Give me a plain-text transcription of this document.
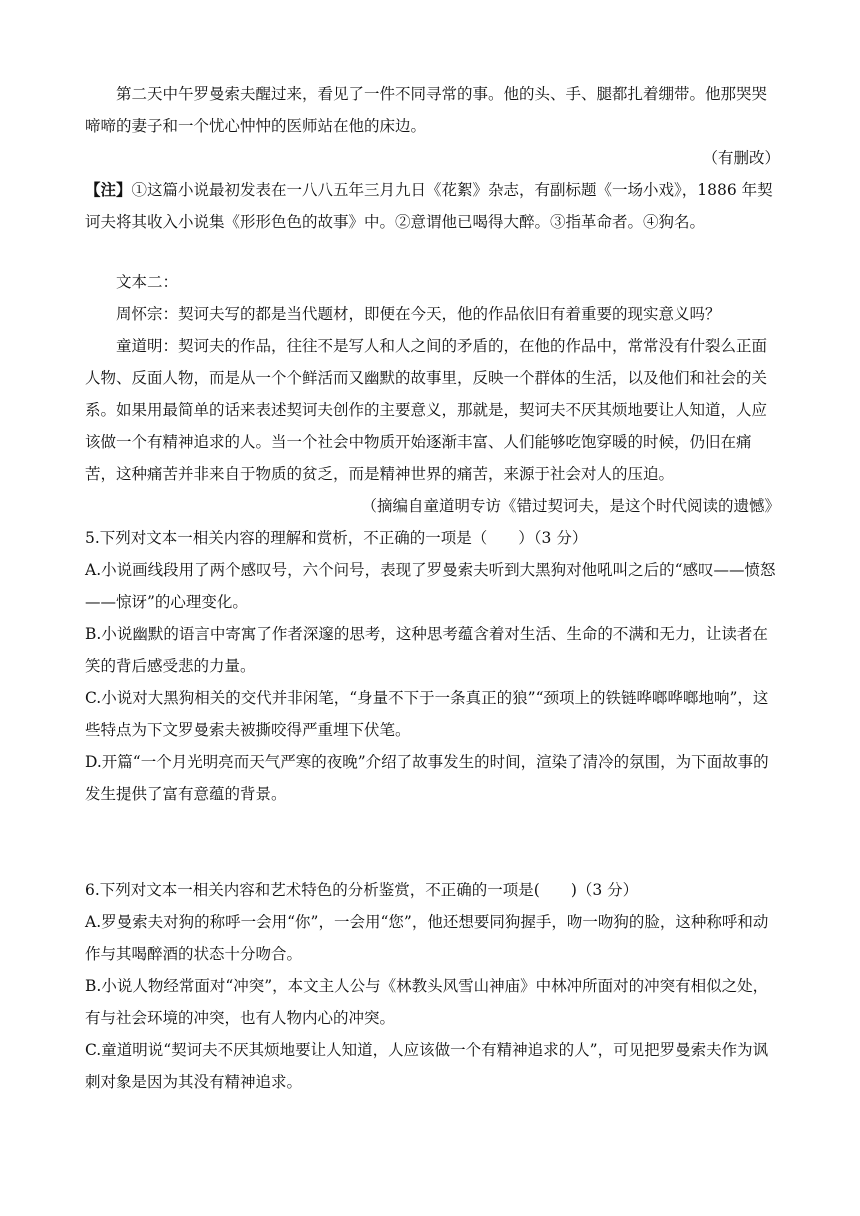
第二天中午罗曼索夫醒过来，看见了一件不同寻常的事。他的头、手、腿都扎着绷带。他那哭哭啼啼的妻子和一个忧心忡忡的医师站在他的床边。

（有删改）

【注】①这篇小说最初发表在一八八五年三月九日《花絮》杂志，有副标题《一场小戏》，1886 年契诃夫将其收入小说集《形形色色的故事》中。②意谓他已喝得大醉。③指革命者。④狗名。

文本二：

周怀宗：契诃夫写的都是当代题材，即便在今天，他的作品依旧有着重要的现实意义吗？

童道明：契诃夫的作品，往往不是写人和人之间的矛盾的，在他的作品中，常常没有什裂么正面人物、反面人物，而是从一个个鲜活而又幽默的故事里，反映一个群体的生活，以及他们和社会的关系。如果用最简单的话来表述契诃夫创作的主要意义，那就是，契诃夫不厌其烦地要让人知道，人应该做一个有精神追求的人。当一个社会中物质开始逐渐丰富、人们能够吃饱穿暖的时候，仍旧在痛苦，这种痛苦并非来自于物质的贫乏，而是精神世界的痛苦，来源于社会对人的压迫。

（摘编自童道明专访《错过契诃夫，是这个时代阅读的遗憾》

5.下列对文本一相关内容的理解和赏析，不正确的一项是（　　）（3 分）

A.小说画线段用了两个感叹号，六个问号，表现了罗曼索夫听到大黑狗对他吼叫之后的“感叹——愤怒——惊讶”的心理变化。

B.小说幽默的语言中寄寓了作者深邃的思考，这种思考蕴含着对生活、生命的不满和无力，让读者在笑的背后感受悲的力量。

C.小说对大黑狗相关的交代并非闲笔，“身量不下于一条真正的狼”“颈项上的铁链哗啷哗啷地响”，这些特点为下文罗曼索夫被撕咬得严重埋下伏笔。

D.开篇“一个月光明亮而天气严寒的夜晚”介绍了故事发生的时间，渲染了清冷的氛围，为下面故事的发生提供了富有意蕴的背景。

6.下列对文本一相关内容和艺术特色的分析鉴赏，不正确的一项是(　　)（3 分）

A.罗曼索夫对狗的称呼一会用“你”，一会用“您”，他还想要同狗握手，吻一吻狗的脸，这种称呼和动作与其喝醉酒的状态十分吻合。

B.小说人物经常面对“冲突”，本文主人公与《林教头风雪山神庙》中林冲所面对的冲突有相似之处，有与社会环境的冲突，也有人物内心的冲突。

C.童道明说“契诃夫不厌其烦地要让人知道，人应该做一个有精神追求的人”，可见把罗曼索夫作为讽刺对象是因为其没有精神追求。
